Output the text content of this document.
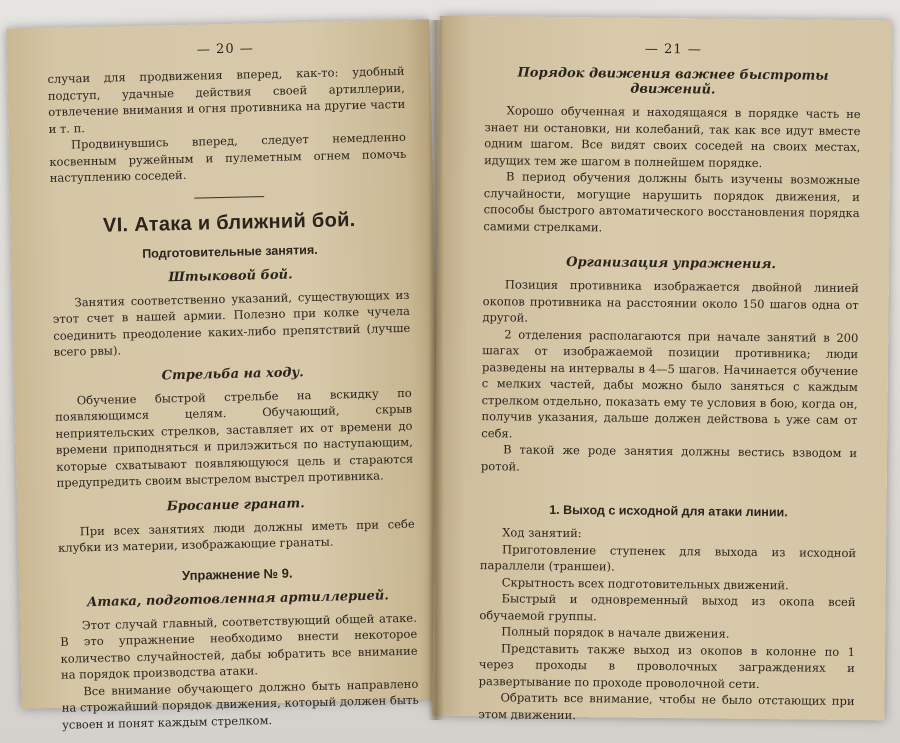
— 20 —

случаи для продвижения вперед, как-то: удобный подступ, удачные действия своей артиллерии, отвлечение внимания и огня противника на другие части и т. п.

Продвинувшись вперед, следует немедленно косвенным ружейным и пулеметным огнем помочь наступлению соседей.

VI. Атака и ближний бой.
Подготовительные занятия.
Штыковой бой.

Занятия соответственно указаний, существующих из этот счет в нашей армии. Полезно при колке чучела соединить преодоление каких-либо препятствий (лучше всего рвы).

Стрельба на ходу.

Обучение быстрой стрельбе на вскидку по появляющимся целям. Обучающий, скрыв неприятельских стрелков, заставляет их от времени до времени приподняться и прилэжиться по наступающим, которые схватывают появляющуюся цель и стараются предупредить своим выстрелом выстрел противника.

Бросание гранат.

При всех занятиях люди должны иметь при себе клубки из материи, изображающие гранаты.

Упражнение № 9.
Атака, подготовленная артиллерией.

Этот случай главный, соответствующий общей атаке. В это упражнение необходимо внести некоторое количество случайностей, дабы юбратить все внимание на порядок производства атаки.

Все внимание обучающего должно быть направлено на строжайший порядок движения, который должен быть усвоен и понят каждым стрелком.

— 21 —
Порядок движения важнее быстроты движений.

Хорошо обученная и находящаяся в порядке часть не знает ни остановки, ни колебаний, так как все идут вместе одним шагом. Все видят своих соседей на своих местах, идущих тем же шагом в полнейшем порядке.

В период обучения должны быть изучены возможные случайности, могущие нарушить порядок движения, и способы быстрого автоматического восстановления порядка самими стрелками.

Организация упражнения.

Позиция противника изображается двойной линией окопов противника на расстоянии около 150 шагов одна от другой.

2 отделения располагаются при начале занятий в 200 шагах от изображаемой позиции противника; люди разведены на интервалы в 4—5 шагов. Начинается обучение с мелких частей, дабы можно было заняться с каждым стрелком отдельно, показать ему те условия в бою, когда он, получив указания, дальше должен действова ь уже сам от себя.

В такой же роде занятия должны вестись взводом и ротой.

1. Выход с исходной для атаки линии.

Ход занятий:

Приготовление ступенек для выхода из исходной параллели (траншеи).

Скрытность всех подготовительных движений.

Быстрый и одновременный выход из окопа всей обучаемой группы.

Полный порядок в начале движения.

Представить также выход из окопов в колонне по 1 через проходы в проволочных заграждениях и развертывание по проходе проволочной сети.

Обратить все внимание, чтобы не было отстающих при этом движении.
